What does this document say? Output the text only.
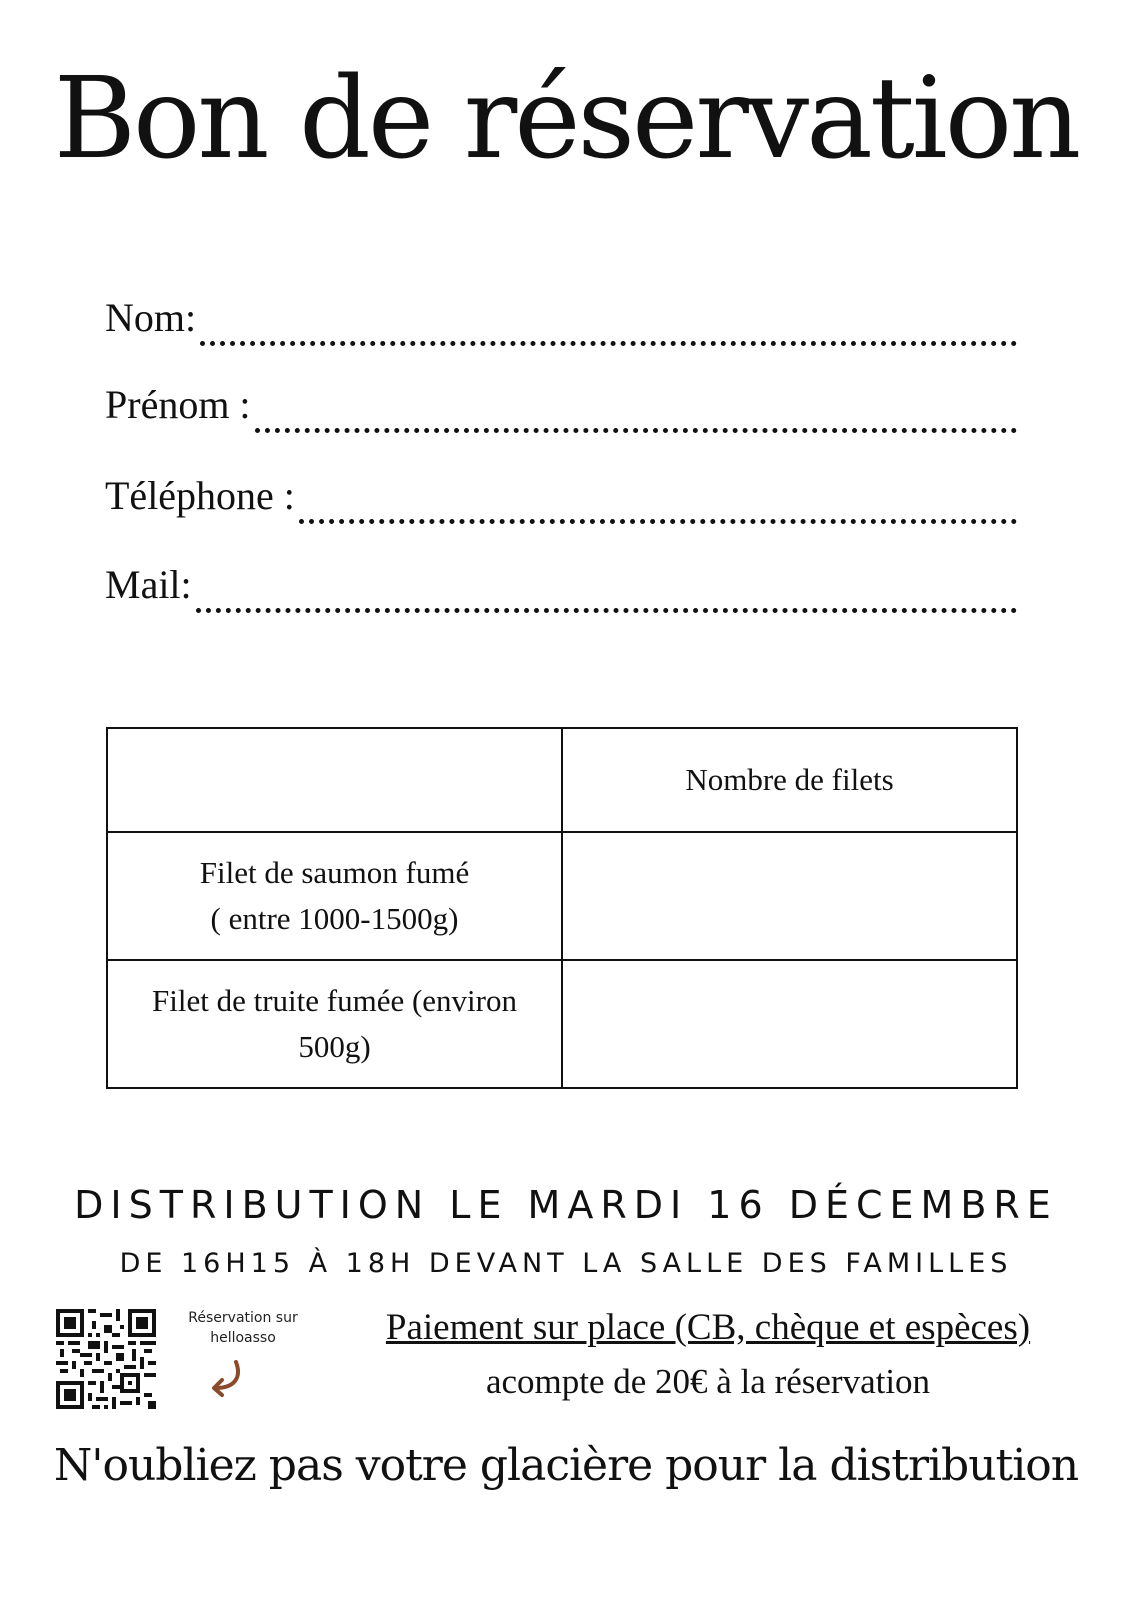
Bon de réservation
Nom:
Prénom :
Téléphone :
Mail:
	Nombre de filets

Filet de saumon fumé
( entre 1000-1500g)	

Filet de truite fumée (environ
500g)	

DISTRIBUTION LE MARDI 16 DÉCEMBRE
DE 16H15 À 18H DEVANT LA SALLE DES FAMILLES
Réservation sur
helloasso	Paiement sur place (CB, chèque et espèces)
acompte de 20€ à la réservation
N'oubliez pas votre glacière pour la distribution
